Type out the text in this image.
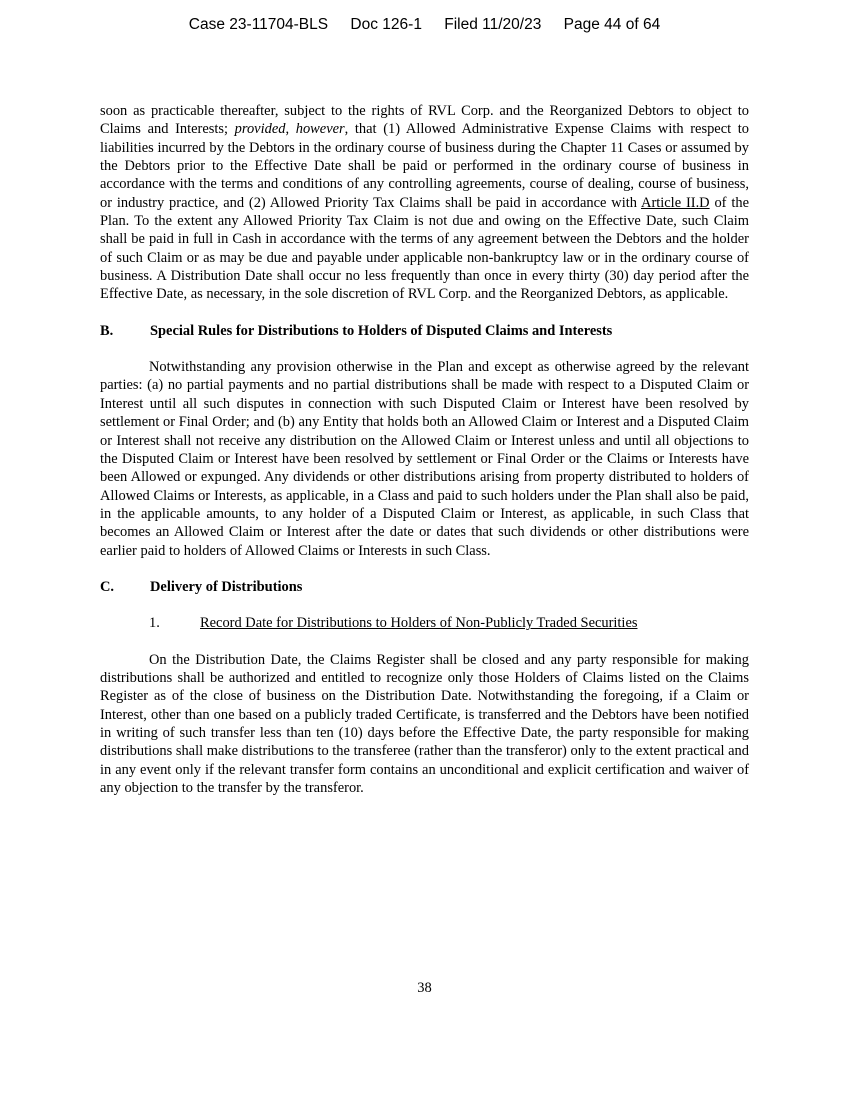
Case 23-11704-BLS Doc 126-1 Filed 11/20/23 Page 44 of 64

soon as practicable thereafter, subject to the rights of RVL Corp. and the Reorganized Debtors to object to Claims and Interests; provided, however, that (1) Allowed Administrative Expense Claims with respect to liabilities incurred by the Debtors in the ordinary course of business during the Chapter 11 Cases or assumed by the Debtors prior to the Effective Date shall be paid or performed in the ordinary course of business in accordance with the terms and conditions of any controlling agreements, course of dealing, course of business, or industry practice, and (2) Allowed Priority Tax Claims shall be paid in accordance with Article II.D of the Plan. To the extent any Allowed Priority Tax Claim is not due and owing on the Effective Date, such Claim shall be paid in full in Cash in accordance with the terms of any agreement between the Debtors and the holder of such Claim or as may be due and payable under applicable non-bankruptcy law or in the ordinary course of business. A Distribution Date shall occur no less frequently than once in every thirty (30) day period after the Effective Date, as necessary, in the sole discretion of RVL Corp. and the Reorganized Debtors, as applicable.

B.	Special Rules for Distributions to Holders of Disputed Claims and Interests

Notwithstanding any provision otherwise in the Plan and except as otherwise agreed by the relevant parties: (a) no partial payments and no partial distributions shall be made with respect to a Disputed Claim or Interest until all such disputes in connection with such Disputed Claim or Interest have been resolved by settlement or Final Order; and (b) any Entity that holds both an Allowed Claim or Interest and a Disputed Claim or Interest shall not receive any distribution on the Allowed Claim or Interest unless and until all objections to the Disputed Claim or Interest have been resolved by settlement or Final Order or the Claims or Interests have been Allowed or expunged. Any dividends or other distributions arising from property distributed to holders of Allowed Claims or Interests, as applicable, in a Class and paid to such holders under the Plan shall also be paid, in the applicable amounts, to any holder of a Disputed Claim or Interest, as applicable, in such Class that becomes an Allowed Claim or Interest after the date or dates that such dividends or other distributions were earlier paid to holders of Allowed Claims or Interests in such Class.

C.	Delivery of Distributions
1.	Record Date for Distributions to Holders of Non-Publicly Traded Securities

On the Distribution Date, the Claims Register shall be closed and any party responsible for making distributions shall be authorized and entitled to recognize only those Holders of Claims listed on the Claims Register as of the close of business on the Distribution Date. Notwithstanding the foregoing, if a Claim or Interest, other than one based on a publicly traded Certificate, is transferred and the Debtors have been notified in writing of such transfer less than ten (10) days before the Effective Date, the party responsible for making distributions shall make distributions to the transferee (rather than the transferor) only to the extent practical and in any event only if the relevant transfer form contains an unconditional and explicit certification and waiver of any objection to the transfer by the transferor.

38
